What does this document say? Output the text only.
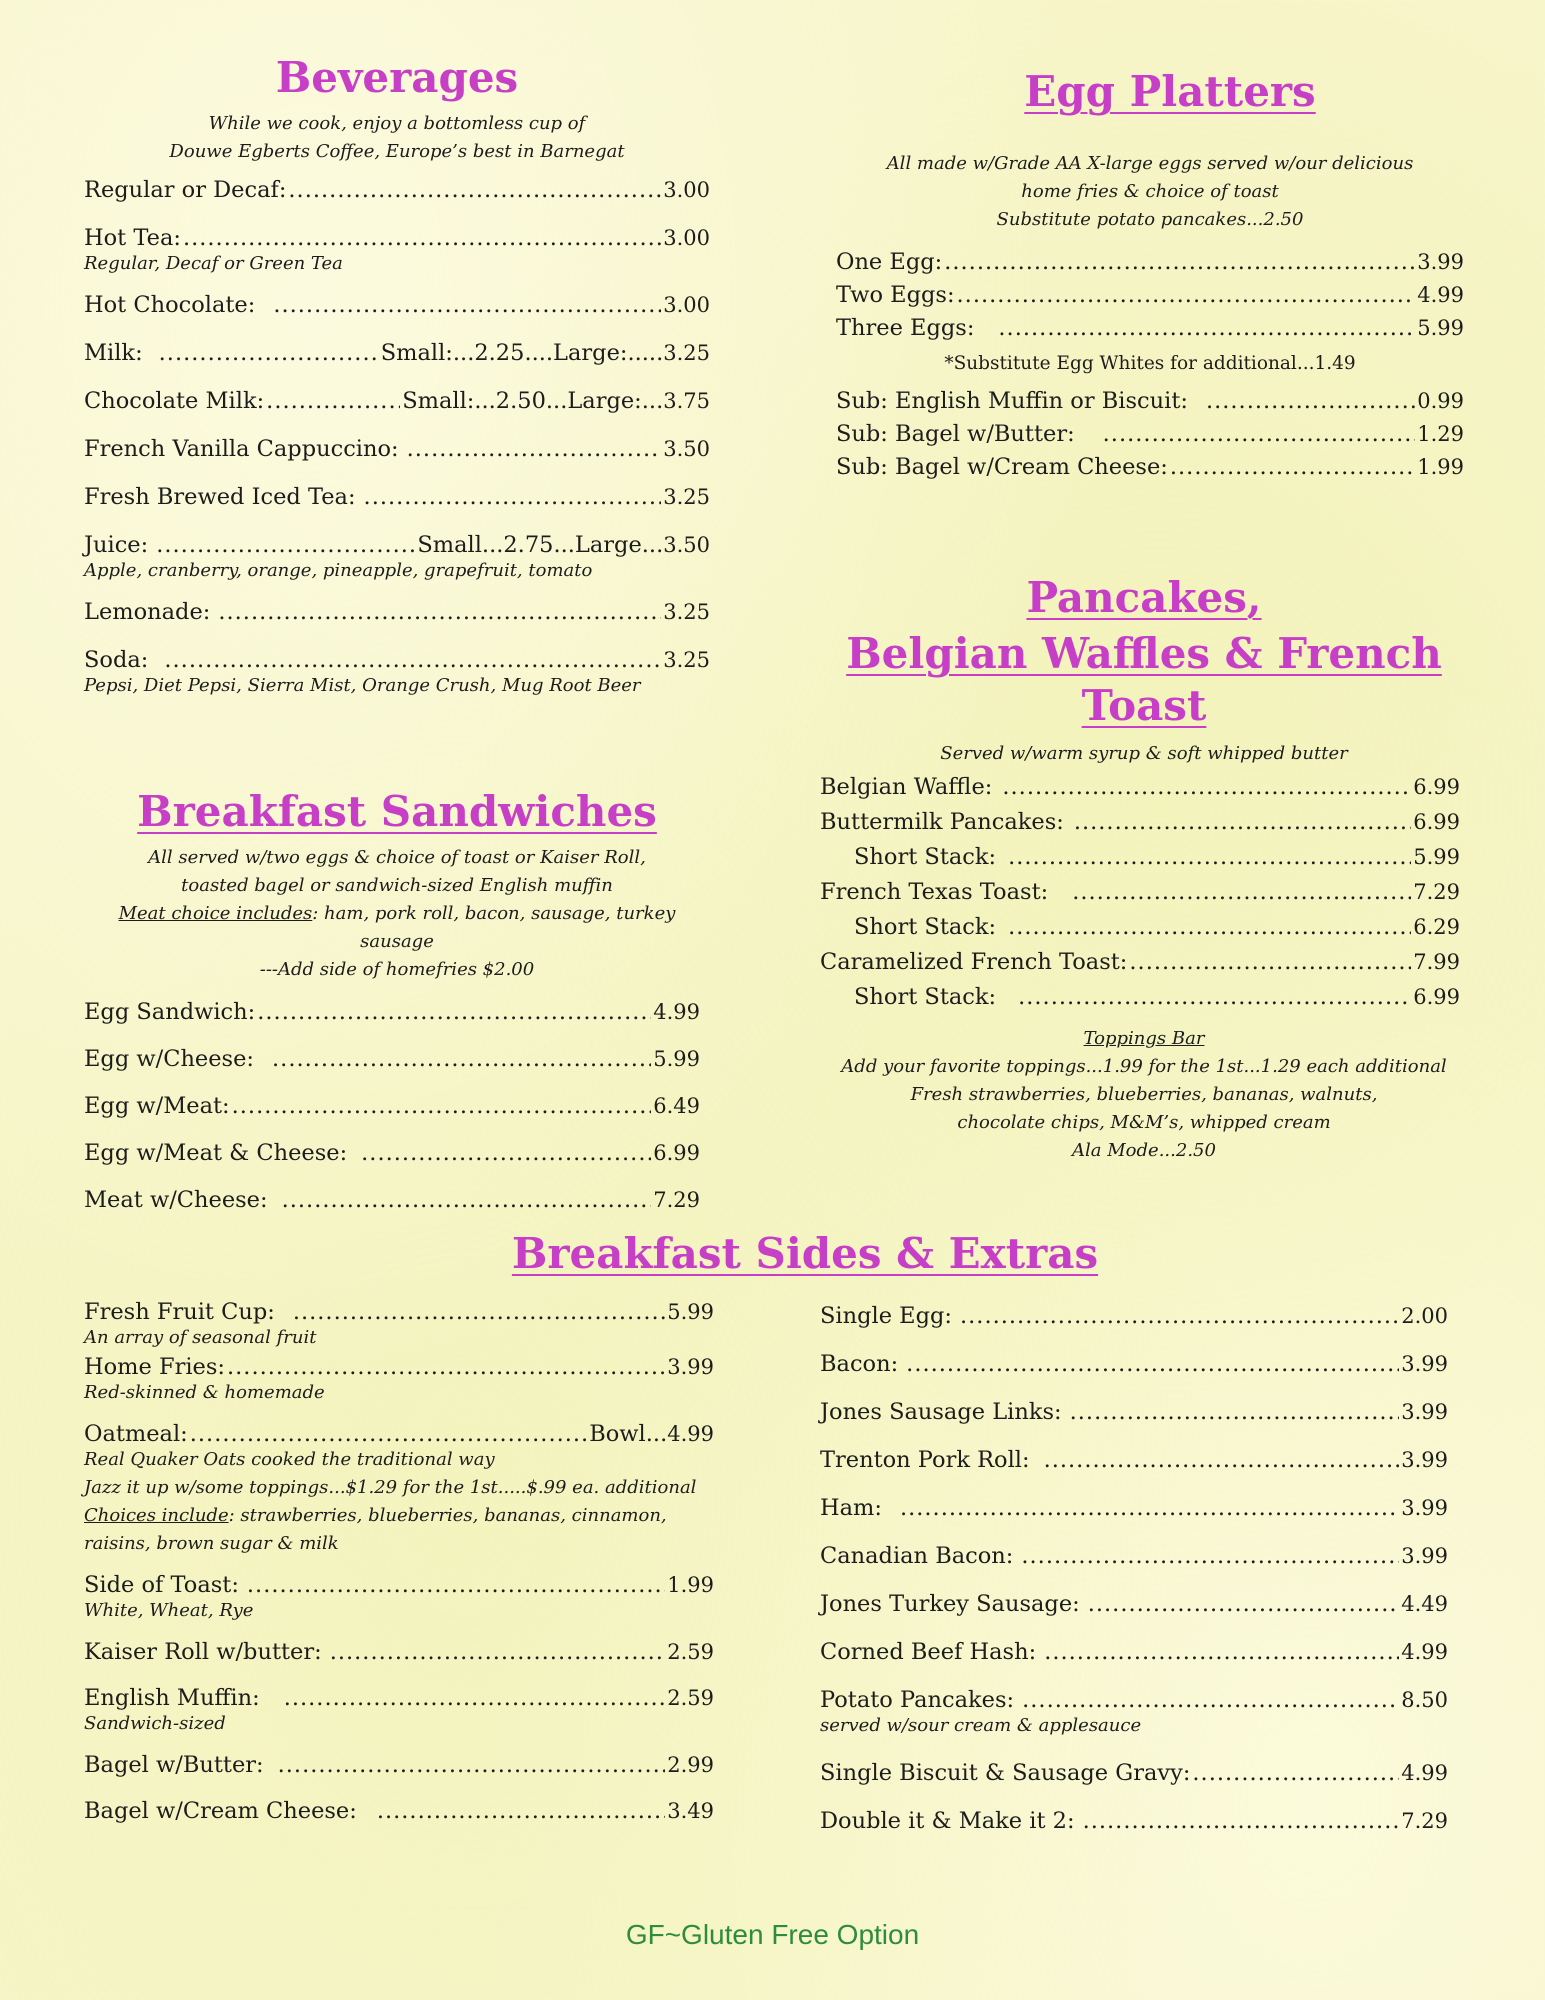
Beverages

While we cook, enjoy a bottomless cup of

Douwe Egberts Coffee, Europe’s best in Barnegat

Regular or Decaf: .....	3.00
Hot Tea: .....	3.00

Regular, Decaf or Green Tea

Hot Chocolate: .....	3.00
Milk: .....	Small:...2.25....Large: ..... 3.25
Chocolate Milk: .....	Small:...2.50...Large: ... 3.75
French Vanilla Cappuccino: .....	3.50
Fresh Brewed Iced Tea: .....	3.25
Juice: .....	Small...2.75...Large ... 3.50

Apple, cranberry, orange, pineapple, grapefruit, tomato

Lemonade: .....	3.25
Soda: .....	3.25

Pepsi, Diet Pepsi, Sierra Mist, Orange Crush, Mug Root Beer

Breakfast Sandwiches

All served w/two eggs & choice of toast or Kaiser Roll,

toasted bagel or sandwich-sized English muffin

Meat choice includes: ham, pork roll, bacon, sausage, turkey sausage

---Add side of homefries $2.00

Egg Sandwich: .....	4.99
Egg w/Cheese: .....	5.99
Egg w/Meat: .....	6.49
Egg w/Meat & Cheese: .....	6.99
Meat w/Cheese: .....	7.29
Egg Platters

All made w/Grade AA X-large eggs served w/our delicious

home fries & choice of toast

Substitute potato pancakes...2.50

One Egg: .....	3.99
Two Eggs: .....	4.99
Three Eggs: .....	5.99

*Substitute Egg Whites for additional...1.49

Sub: English Muffin or Biscuit: .....	0.99
Sub: Bagel w/Butter: .....	1.29
Sub: Bagel w/Cream Cheese: .....	1.99
Pancakes,
Belgian Waffles & French Toast

Served w/warm syrup & soft whipped butter

Belgian Waffle: .....	6.99
Buttermilk Pancakes: .....	6.99
Short Stack: .....	5.99
French Texas Toast: .....	7.29
Short Stack: .....	6.29
Caramelized French Toast: .....	7.99
Short Stack: .....	6.99

Toppings Bar

Add your favorite toppings...1.99 for the 1st...1.29 each additional

Fresh strawberries, blueberries, bananas, walnuts,

chocolate chips, M&M’s, whipped cream

Ala Mode...2.50

Breakfast Sides & Extras
Fresh Fruit Cup: .....	5.99

An array of seasonal fruit

Home Fries: .....	3.99

Red-skinned & homemade

Oatmeal: .....	Bowl ... 4.99

Real Quaker Oats cooked the traditional way

Jazz it up w/some toppings...$1.29 for the 1st.....$.99 ea. additional

Choices include: strawberries, blueberries, bananas, cinnamon,

raisins, brown sugar & milk

Side of Toast: .....	1.99

White, Wheat, Rye

Kaiser Roll w/butter: .....	2.59
English Muffin: .....	2.59

Sandwich-sized

Bagel w/Butter: .....	2.99
Bagel w/Cream Cheese: .....	3.49
Single Egg: .....	2.00
Bacon: .....	3.99
Jones Sausage Links: .....	3.99
Trenton Pork Roll: .....	3.99
Ham: .....	3.99
Canadian Bacon: .....	3.99
Jones Turkey Sausage: .....	4.49
Corned Beef Hash: .....	4.99
Potato Pancakes: .....	8.50

served w/sour cream & applesauce

Single Biscuit & Sausage Gravy: .....	4.99
Double it & Make it 2: .....	7.29
GF~Gluten Free Option
